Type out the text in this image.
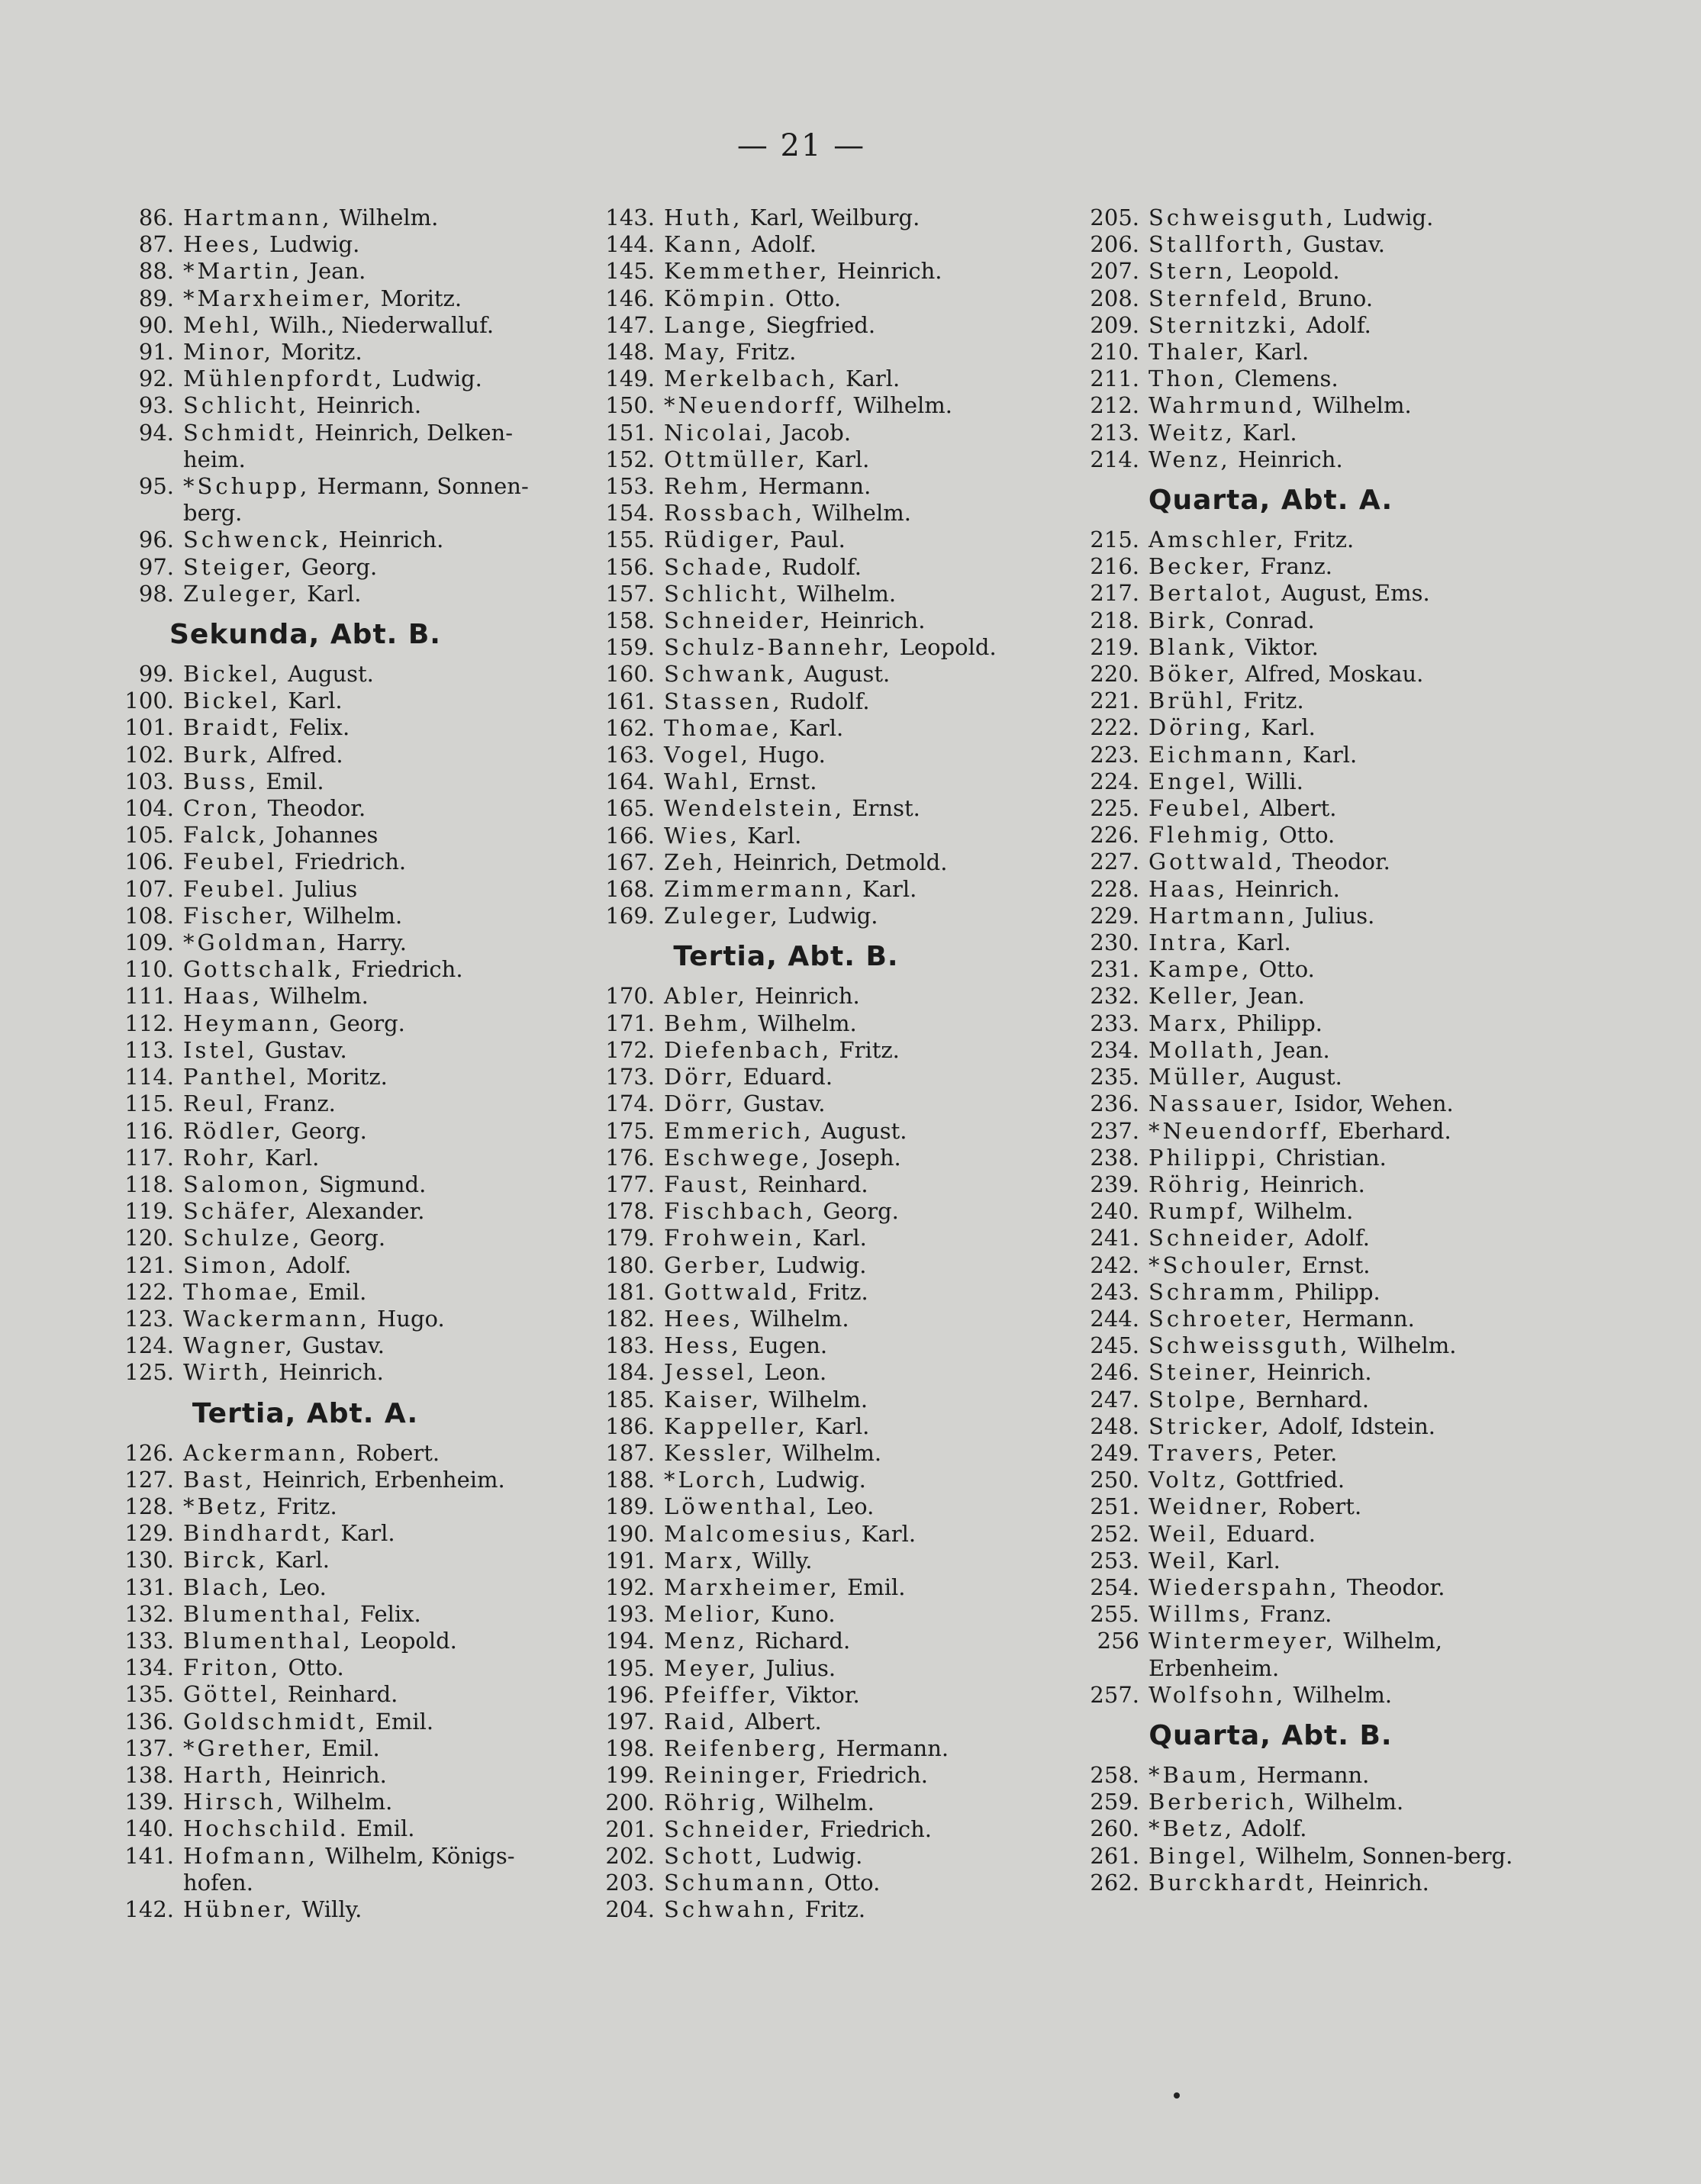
— 21 —
86. Hartmann, Wilhelm.
87. Hees, Ludwig.
88. *Martin, Jean.
89. *Marxheimer, Moritz.
90. Mehl, Wilh., Niederwalluf.
91. Minor, Moritz.
92. Mühlenpfordt, Ludwig.
93. Schlicht, Heinrich.
94. Schmidt, Heinrich, Delken-heim.
95. *Schupp, Hermann, Sonnen-berg.
96. Schwenck, Heinrich.
97. Steiger, Georg.
98. Zuleger, Karl.
Sekunda, Abt. B.
99. Bickel, August.
100. Bickel, Karl.
101. Braidt, Felix.
102. Burk, Alfred.
103. Buss, Emil.
104. Cron, Theodor.
105. Falck, Johannes
106. Feubel, Friedrich.
107. Feubel. Julius
108. Fischer, Wilhelm.
109. *Goldman, Harry.
110. Gottschalk, Friedrich.
111. Haas, Wilhelm.
112. Heymann, Georg.
113. Istel, Gustav.
114. Panthel, Moritz.
115. Reul, Franz.
116. Rödler, Georg.
117. Rohr, Karl.
118. Salomon, Sigmund.
119. Schäfer, Alexander.
120. Schulze, Georg.
121. Simon, Adolf.
122. Thomae, Emil.
123. Wackermann, Hugo.
124. Wagner, Gustav.
125. Wirth, Heinrich.
Tertia, Abt. A.
126. Ackermann, Robert.
127. Bast, Heinrich, Erbenheim.
128. *Betz, Fritz.
129. Bindhardt, Karl.
130. Birck, Karl.
131. Blach, Leo.
132. Blumenthal, Felix.
133. Blumenthal, Leopold.
134. Friton, Otto.
135. Göttel, Reinhard.
136. Goldschmidt, Emil.
137. *Grether, Emil.
138. Harth, Heinrich.
139. Hirsch, Wilhelm.
140. Hochschild. Emil.
141. Hofmann, Wilhelm, Königs-hofen.
142. Hübner, Willy.
143. Huth, Karl, Weilburg.
144. Kann, Adolf.
145. Kemmether, Heinrich.
146. Kömpin. Otto.
147. Lange, Siegfried.
148. May, Fritz.
149. Merkelbach, Karl.
150. *Neuendorff, Wilhelm.
151. Nicolai, Jacob.
152. Ottmüller, Karl.
153. Rehm, Hermann.
154. Rossbach, Wilhelm.
155. Rüdiger, Paul.
156. Schade, Rudolf.
157. Schlicht, Wilhelm.
158. Schneider, Heinrich.
159. Schulz-Bannehr, Leopold.
160. Schwank, August.
161. Stassen, Rudolf.
162. Thomae, Karl.
163. Vogel, Hugo.
164. Wahl, Ernst.
165. Wendelstein, Ernst.
166. Wies, Karl.
167. Zeh, Heinrich, Detmold.
168. Zimmermann, Karl.
169. Zuleger, Ludwig.
Tertia, Abt. B.
170. Abler, Heinrich.
171. Behm, Wilhelm.
172. Diefenbach, Fritz.
173. Dörr, Eduard.
174. Dörr, Gustav.
175. Emmerich, August.
176. Eschwege, Joseph.
177. Faust, Reinhard.
178. Fischbach, Georg.
179. Frohwein, Karl.
180. Gerber, Ludwig.
181. Gottwald, Fritz.
182. Hees, Wilhelm.
183. Hess, Eugen.
184. Jessel, Leon.
185. Kaiser, Wilhelm.
186. Kappeller, Karl.
187. Kessler, Wilhelm.
188. *Lorch, Ludwig.
189. Löwenthal, Leo.
190. Malcomesius, Karl.
191. Marx, Willy.
192. Marxheimer, Emil.
193. Melior, Kuno.
194. Menz, Richard.
195. Meyer, Julius.
196. Pfeiffer, Viktor.
197. Raid, Albert.
198. Reifenberg, Hermann.
199. Reininger, Friedrich.
200. Röhrig, Wilhelm.
201. Schneider, Friedrich.
202. Schott, Ludwig.
203. Schumann, Otto.
204. Schwahn, Fritz.
205. Schweisguth, Ludwig.
206. Stallforth, Gustav.
207. Stern, Leopold.
208. Sternfeld, Bruno.
209. Sternitzki, Adolf.
210. Thaler, Karl.
211. Thon, Clemens.
212. Wahrmund, Wilhelm.
213. Weitz, Karl.
214. Wenz, Heinrich.
Quarta, Abt. A.
215. Amschler, Fritz.
216. Becker, Franz.
217. Bertalot, August, Ems.
218. Birk, Conrad.
219. Blank, Viktor.
220. Böker, Alfred, Moskau.
221. Brühl, Fritz.
222. Döring, Karl.
223. Eichmann, Karl.
224. Engel, Willi.
225. Feubel, Albert.
226. Flehmig, Otto.
227. Gottwald, Theodor.
228. Haas, Heinrich.
229. Hartmann, Julius.
230. Intra, Karl.
231. Kampe, Otto.
232. Keller, Jean.
233. Marx, Philipp.
234. Mollath, Jean.
235. Müller, August.
236. Nassauer, Isidor, Wehen.
237. *Neuendorff, Eberhard.
238. Philippi, Christian.
239. Röhrig, Heinrich.
240. Rumpf, Wilhelm.
241. Schneider, Adolf.
242. *Schouler, Ernst.
243. Schramm, Philipp.
244. Schroeter, Hermann.
245. Schweissguth, Wilhelm.
246. Steiner, Heinrich.
247. Stolpe, Bernhard.
248. Stricker, Adolf, Idstein.
249. Travers, Peter.
250. Voltz, Gottfried.
251. Weidner, Robert.
252. Weil, Eduard.
253. Weil, Karl.
254. Wiederspahn, Theodor.
255. Willms, Franz.
256 Wintermeyer, Wilhelm, Erbenheim.
257. Wolfsohn, Wilhelm.
Quarta, Abt. B.
258. *Baum, Hermann.
259. Berberich, Wilhelm.
260. *Betz, Adolf.
261. Bingel, Wilhelm, Sonnen-berg.
262. Burckhardt, Heinrich.
